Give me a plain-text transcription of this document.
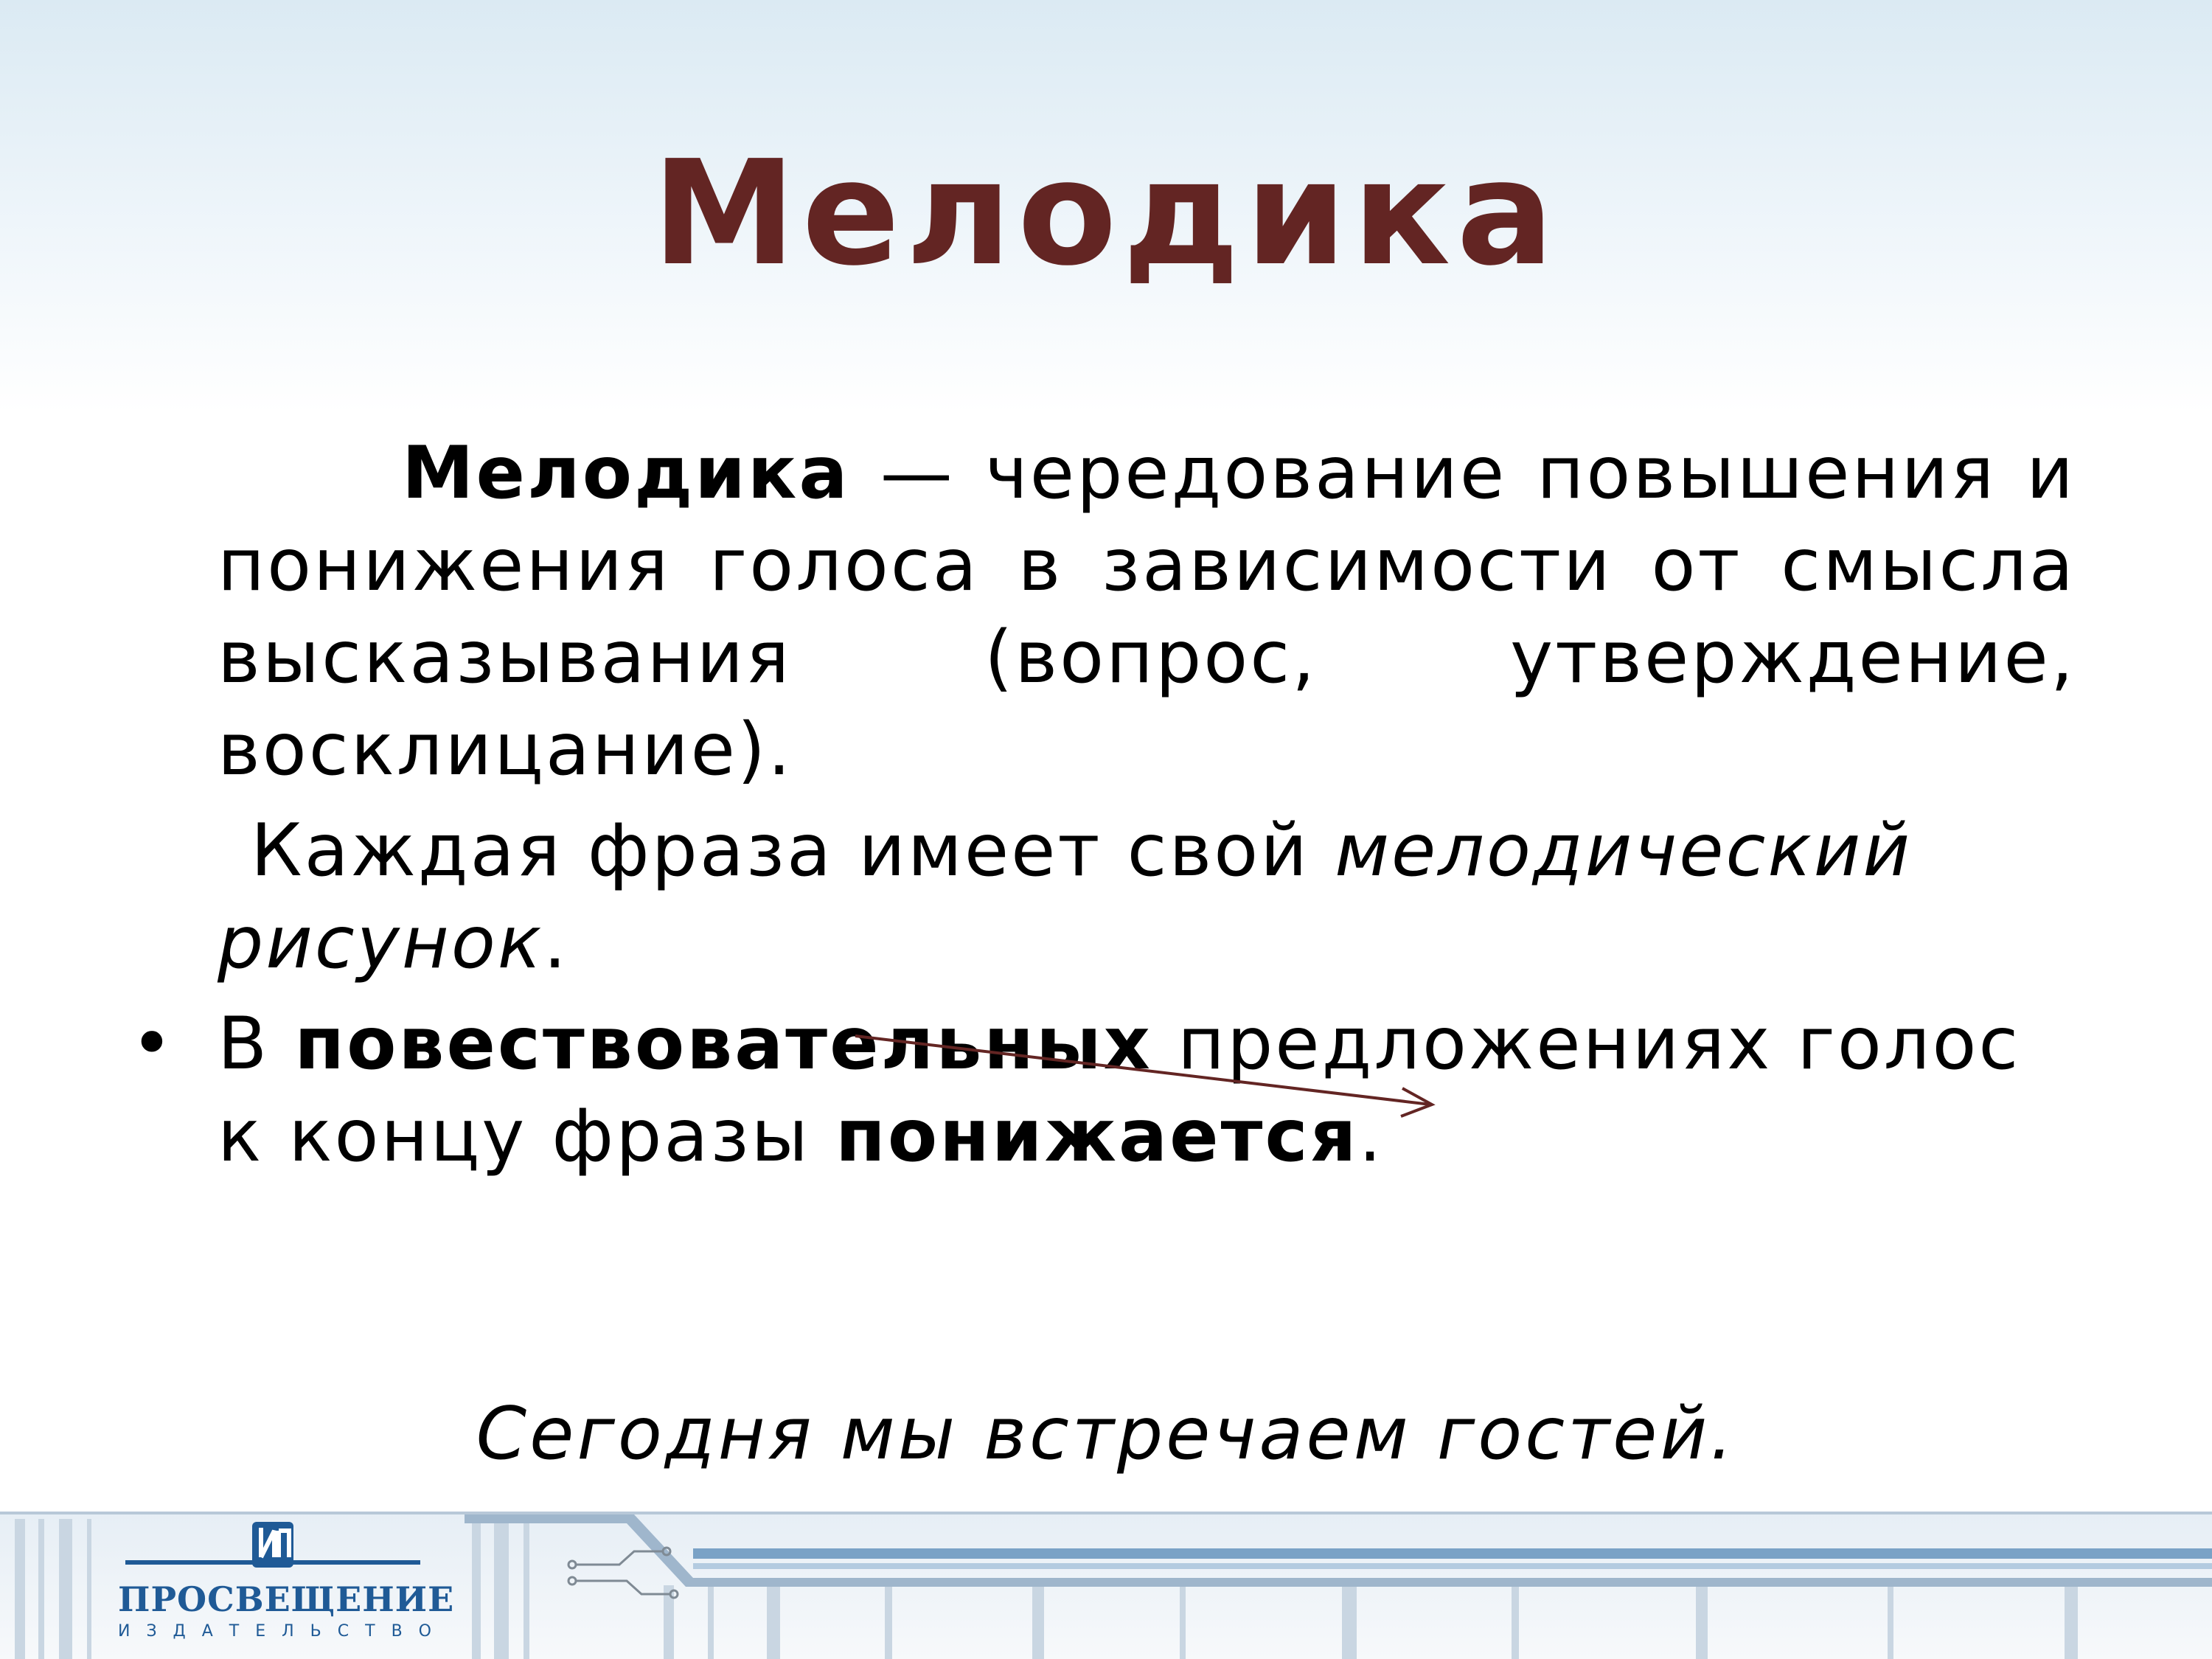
Мелодика

Мелодика — чередование повышения и понижения голоса в зависимости от смысла высказывания (вопрос, утверждение, восклицание).

Каждая фраза имеет свой мелодический рисунок.

• В повествовательных предложениях голос к концу фразы понижается.
Сегодня мы встречаем гостей.
ПРОСВЕЩЕНИЕ
ИЗДАТЕЛЬСТВО
